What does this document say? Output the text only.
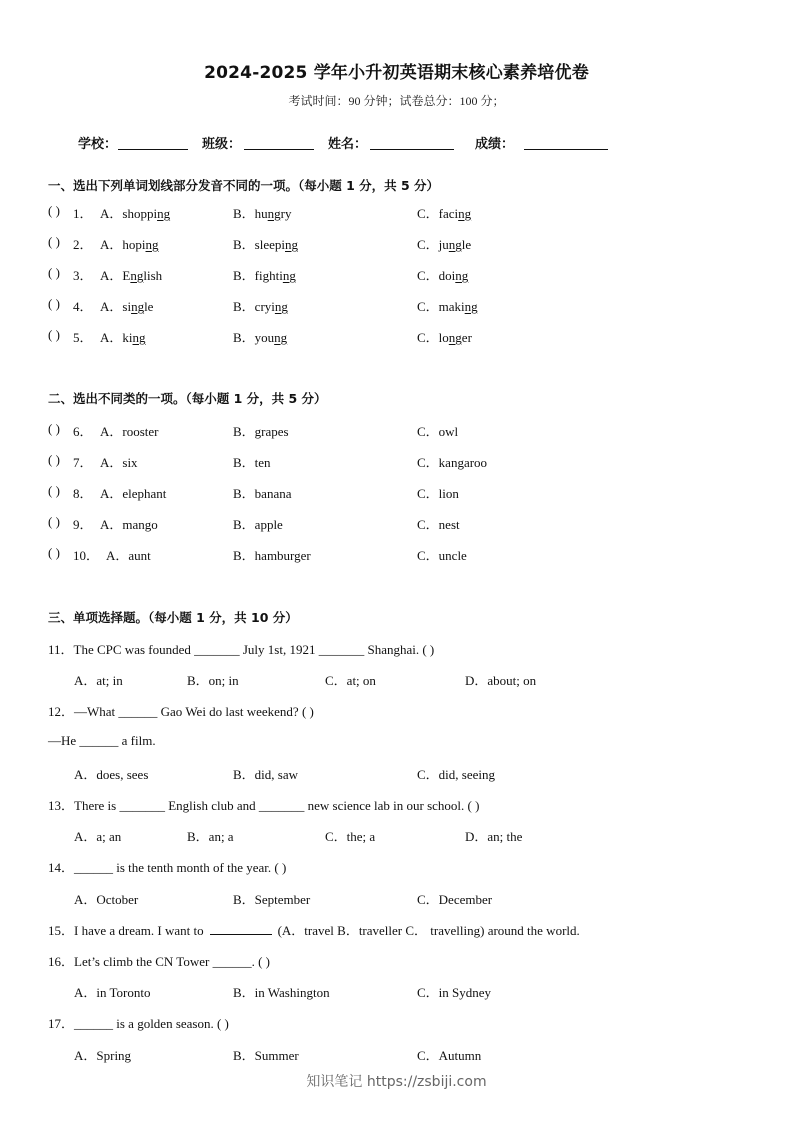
2024-2025 学年小升初英语期末核心素养培优卷
考试时间：90 分钟；试卷总分：100 分；
学校：	班级：	姓名：	成绩：
一、选出下列单词划线部分发音不同的一项。（每小题 1 分，共 5 分）
( ) 1． A．shopping	B．hungry	C．facing
( ) 2． A．hoping	B．sleeping	C．jungle
( ) 3． A．English	B．fighting	C．doing
( ) 4． A．single	B．crying	C．making
( ) 5． A．king	B．young	C．longer
二、选出不同类的一项。（每小题 1 分，共 5 分）
( ) 6． A．rooster	B．grapes	C．owl
( ) 7． A．six	B．ten	C．kangaroo
( ) 8． A．elephant	B．banana	C．lion
( ) 9． A．mango	B．apple	C．nest
( ) 10． A．aunt	B．hamburger	C．uncle
三、单项选择题。（每小题 1 分，共 10 分）
11．The CPC was founded _______ July 1st, 1921 _______ Shanghai. ( )
A．at; in	B．on; in	C．at; on	D．about; on
12．—What ______ Gao Wei do last weekend? ( )
—He ______ a film.
A．does, sees	B．did, saw	C．did, seeing
13．There is _______ English club and _______ new science lab in our school. ( )
A．a; an	B．an; a	C．the; a	D．an; the
14．______ is the tenth month of the year. ( )
A．October	B．September	C．December
15．I have a dream. I want to	(A．travel B．traveller C． travelling) around the world.
16．Let’s climb the CN Tower ______. ( )
A．in Toronto	B．in Washington	C．in Sydney
17．______ is a golden season. ( )
A．Spring	B．Summer	C．Autumn
知识笔记 https://zsbiji.com
